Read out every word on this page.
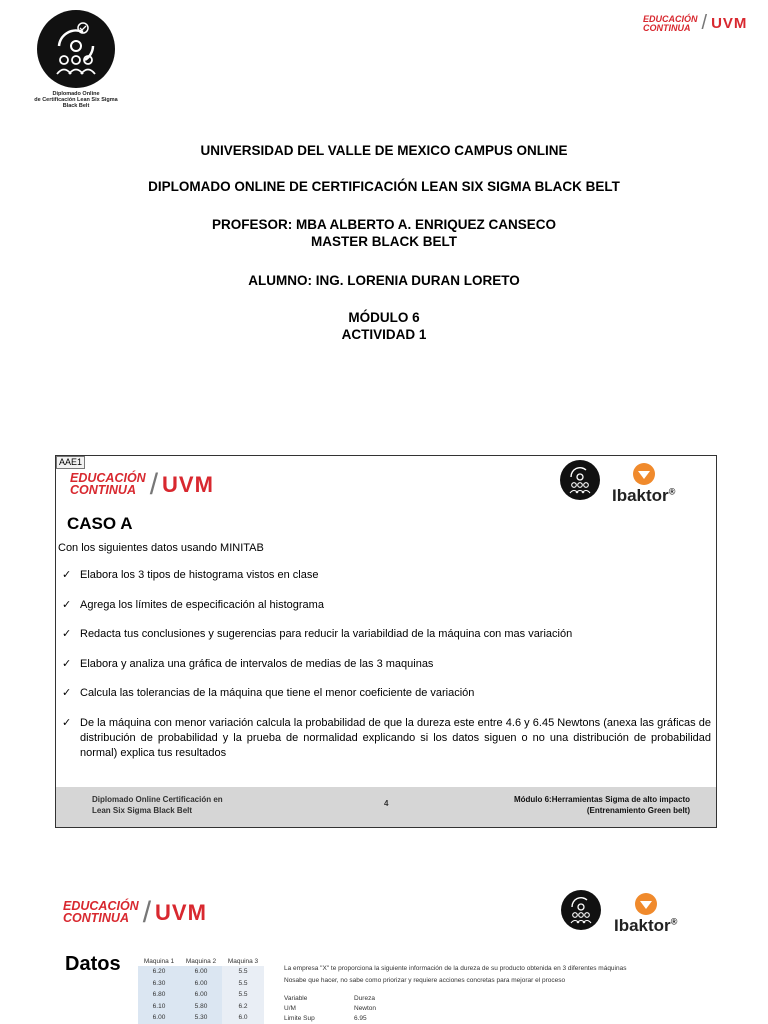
Diplomado Online
de Certificación Lean Six Sigma
Black Belt
EDUCACIÓN
CONTINUA / UVM
UNIVERSIDAD DEL VALLE DE MEXICO CAMPUS ONLINE
DIPLOMADO ONLINE DE CERTIFICACIÓN LEAN SIX SIGMA BLACK BELT
PROFESOR: MBA ALBERTO A. ENRIQUEZ CANSECO
MASTER BLACK BELT
ALUMNO: ING. LORENIA DURAN LORETO
MÓDULO 6
ACTIVIDAD 1
AAE1
EDUCACIÓN
CONTINUA / UVM	Ibaktor®
CASO A
Con los siguientes datos usando MINITAB
✓ Elabora los 3 tipos de histograma vistos en clase
✓ Agrega los límites de especificación al histograma
✓ Redacta tus conclusiones y sugerencias para reducir la variabildiad de la máquina con mas variación
✓ Elabora y analiza una gráfica de intervalos de medias de las 3 maquinas
✓ Calcula las tolerancias de la máquina que tiene el menor coeficiente de variación
✓ De la máquina con menor variación calcula la probabilidad de que la dureza este entre 4.6 y 6.45 Newtons (anexa las gráficas de distribución de probabilidad y la prueba de normalidad explicando si los datos siguen o no una distribución de probabilidad normal) explica tus resultados
Diplomado Online Certificación en
Lean Six Sigma Black Belt
4	Módulo 6:Herramientas Sigma de alto impacto
(Entrenamiento Green belt)
EDUCACIÓN
CONTINUA / UVM
Ibaktor®
Datos	Maquina 1	Maquina 2	Maquina 3
6.20	6.00	5.5
6.30	6.00	5.5
6.80	6.00	5.5
6.10	5.80	6.2
6.00	5.30	6.0
La empresa "X" te proporciona la siguiente información de la dureza de su producto obtenida en 3 diferentes máquinas
Nosabe que hacer, no sabe como priorizar y requiere acciones concretas para mejorar el proceso
Variable	Dureza
U/M	Newton
Limite Sup	6.95
